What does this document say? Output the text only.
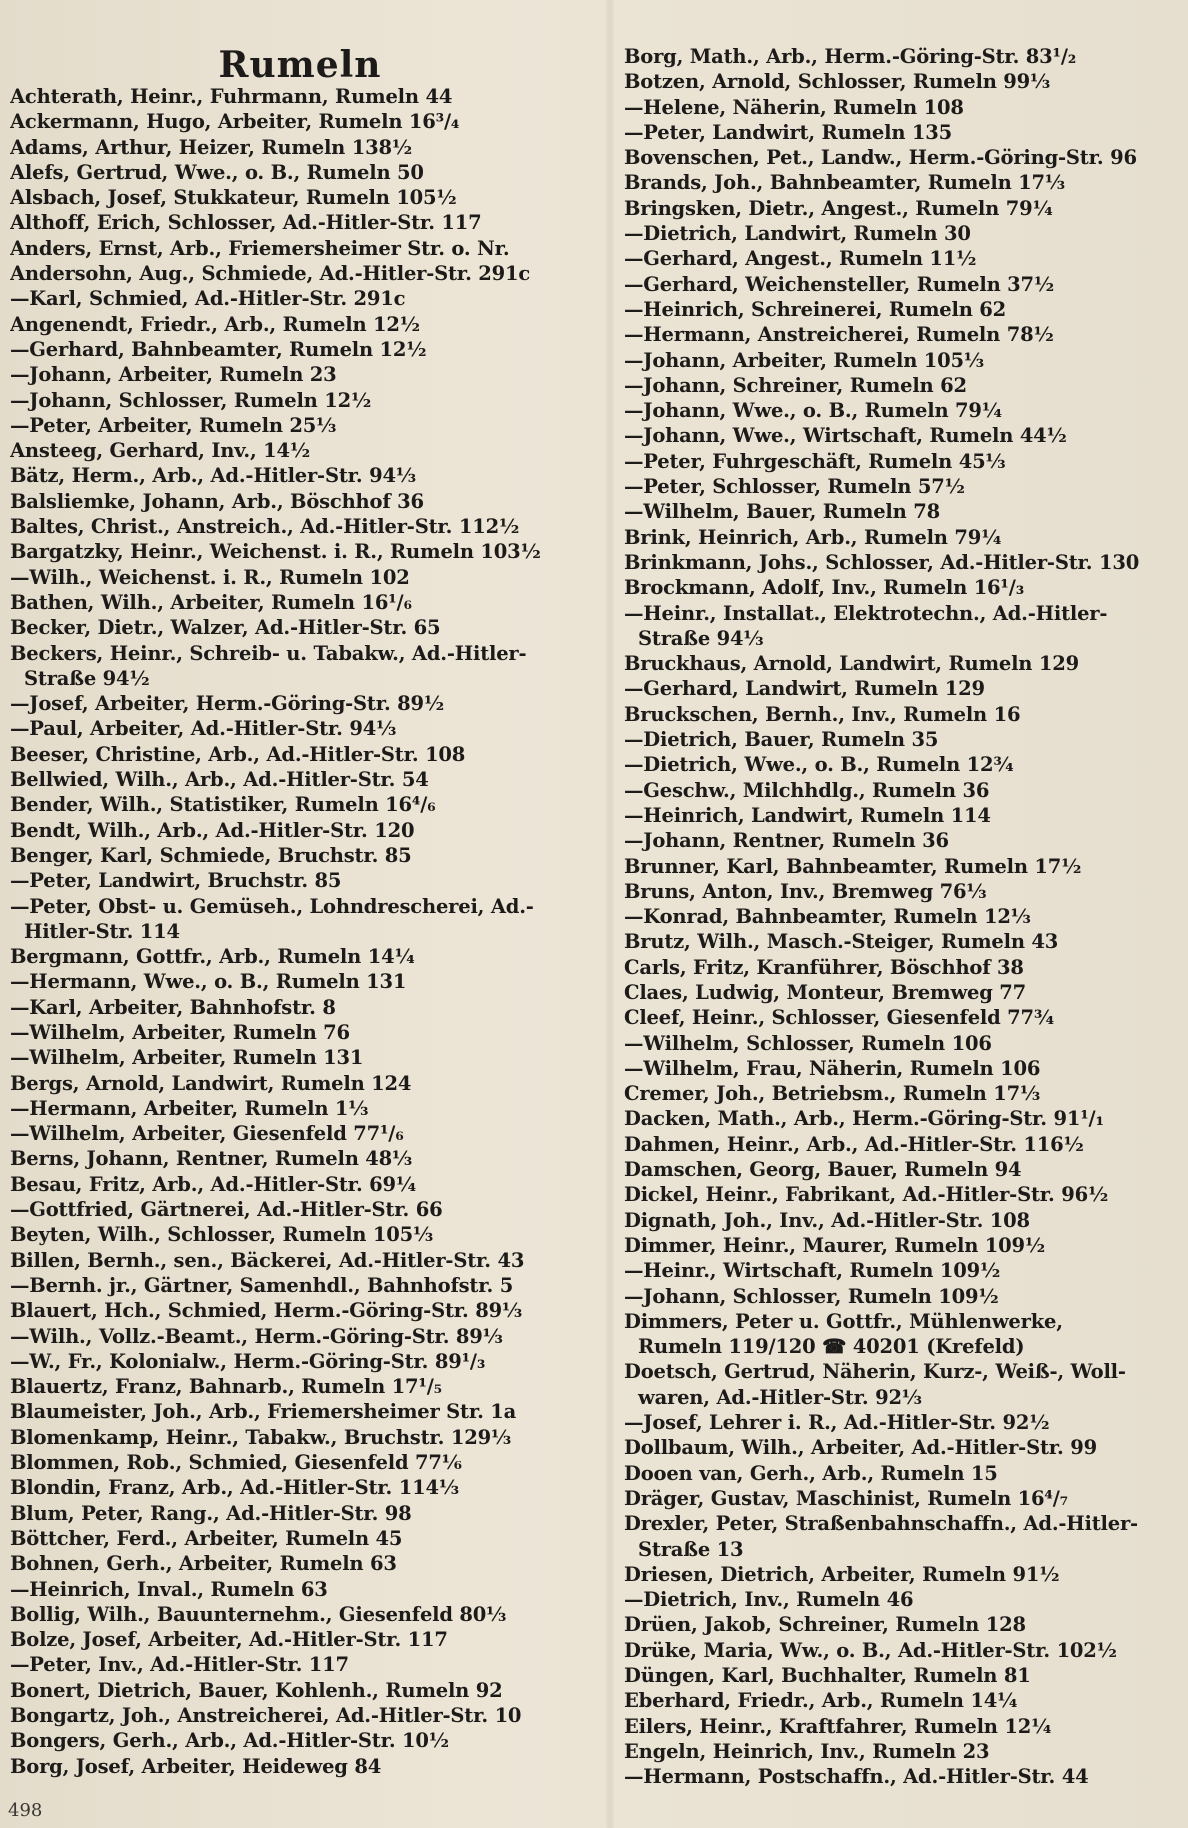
Rumeln
Achterath, Heinr., Fuhrmann, Rumeln 44
Ackermann, Hugo, Arbeiter, Rumeln 16³/₄
Adams, Arthur, Heizer, Rumeln 138½
Alefs, Gertrud, Wwe., o. B., Rumeln 50
Alsbach, Josef, Stukkateur, Rumeln 105½
Althoff, Erich, Schlosser, Ad.-Hitler-Str. 117
Anders, Ernst, Arb., Friemersheimer Str. o. Nr.
Andersohn, Aug., Schmiede, Ad.-Hitler-Str. 291c
—Karl, Schmied, Ad.-Hitler-Str. 291c
Angenendt, Friedr., Arb., Rumeln 12½
—Gerhard, Bahnbeamter, Rumeln 12½
—Johann, Arbeiter, Rumeln 23
—Johann, Schlosser, Rumeln 12½
—Peter, Arbeiter, Rumeln 25⅓
Ansteeg, Gerhard, Inv., 14½
Bätz, Herm., Arb., Ad.-Hitler-Str. 94⅓
Balsliemke, Johann, Arb., Böschhof 36
Baltes, Christ., Anstreich., Ad.-Hitler-Str. 112½
Bargatzky, Heinr., Weichenst. i. R., Rumeln 103½
—Wilh., Weichenst. i. R., Rumeln 102
Bathen, Wilh., Arbeiter, Rumeln 16¹/₆
Becker, Dietr., Walzer, Ad.-Hitler-Str. 65
Beckers, Heinr., Schreib- u. Tabakw., Ad.-Hitler-
Straße 94½
—Josef, Arbeiter, Herm.-Göring-Str. 89½
—Paul, Arbeiter, Ad.-Hitler-Str. 94⅓
Beeser, Christine, Arb., Ad.-Hitler-Str. 108
Bellwied, Wilh., Arb., Ad.-Hitler-Str. 54
Bender, Wilh., Statistiker, Rumeln 16⁴/₆
Bendt, Wilh., Arb., Ad.-Hitler-Str. 120
Benger, Karl, Schmiede, Bruchstr. 85
—Peter, Landwirt, Bruchstr. 85
—Peter, Obst- u. Gemüseh., Lohndrescherei, Ad.-
Hitler-Str. 114
Bergmann, Gottfr., Arb., Rumeln 14¼
—Hermann, Wwe., o. B., Rumeln 131
—Karl, Arbeiter, Bahnhofstr. 8
—Wilhelm, Arbeiter, Rumeln 76
—Wilhelm, Arbeiter, Rumeln 131
Bergs, Arnold, Landwirt, Rumeln 124
—Hermann, Arbeiter, Rumeln 1⅓
—Wilhelm, Arbeiter, Giesenfeld 77¹/₆
Berns, Johann, Rentner, Rumeln 48⅓
Besau, Fritz, Arb., Ad.-Hitler-Str. 69¼
—Gottfried, Gärtnerei, Ad.-Hitler-Str. 66
Beyten, Wilh., Schlosser, Rumeln 105⅓
Billen, Bernh., sen., Bäckerei, Ad.-Hitler-Str. 43
—Bernh. jr., Gärtner, Samenhdl., Bahnhofstr. 5
Blauert, Hch., Schmied, Herm.-Göring-Str. 89⅓
—Wilh., Vollz.-Beamt., Herm.-Göring-Str. 89⅓
—W., Fr., Kolonialw., Herm.-Göring-Str. 89¹/₃
Blauertz, Franz, Bahnarb., Rumeln 17¹/₅
Blaumeister, Joh., Arb., Friemersheimer Str. 1a
Blomenkamp, Heinr., Tabakw., Bruchstr. 129⅓
Blommen, Rob., Schmied, Giesenfeld 77⅙
Blondin, Franz, Arb., Ad.-Hitler-Str. 114⅓
Blum, Peter, Rang., Ad.-Hitler-Str. 98
Böttcher, Ferd., Arbeiter, Rumeln 45
Bohnen, Gerh., Arbeiter, Rumeln 63
—Heinrich, Inval., Rumeln 63
Bollig, Wilh., Bauunternehm., Giesenfeld 80⅓
Bolze, Josef, Arbeiter, Ad.-Hitler-Str. 117
—Peter, Inv., Ad.-Hitler-Str. 117
Bonert, Dietrich, Bauer, Kohlenh., Rumeln 92
Bongartz, Joh., Anstreicherei, Ad.-Hitler-Str. 10
Bongers, Gerh., Arb., Ad.-Hitler-Str. 10½
Borg, Josef, Arbeiter, Heideweg 84
Borg, Math., Arb., Herm.-Göring-Str. 83¹/₂
Botzen, Arnold, Schlosser, Rumeln 99⅓
—Helene, Näherin, Rumeln 108
—Peter, Landwirt, Rumeln 135
Bovenschen, Pet., Landw., Herm.-Göring-Str. 96
Brands, Joh., Bahnbeamter, Rumeln 17⅓
Bringsken, Dietr., Angest., Rumeln 79¼
—Dietrich, Landwirt, Rumeln 30
—Gerhard, Angest., Rumeln 11½
—Gerhard, Weichensteller, Rumeln 37½
—Heinrich, Schreinerei, Rumeln 62
—Hermann, Anstreicherei, Rumeln 78½
—Johann, Arbeiter, Rumeln 105⅓
—Johann, Schreiner, Rumeln 62
—Johann, Wwe., o. B., Rumeln 79¼
—Johann, Wwe., Wirtschaft, Rumeln 44½
—Peter, Fuhrgeschäft, Rumeln 45⅓
—Peter, Schlosser, Rumeln 57½
—Wilhelm, Bauer, Rumeln 78
Brink, Heinrich, Arb., Rumeln 79¼
Brinkmann, Johs., Schlosser, Ad.-Hitler-Str. 130
Brockmann, Adolf, Inv., Rumeln 16¹/₃
—Heinr., Installat., Elektrotechn., Ad.-Hitler-
Straße 94⅓
Bruckhaus, Arnold, Landwirt, Rumeln 129
—Gerhard, Landwirt, Rumeln 129
Bruckschen, Bernh., Inv., Rumeln 16
—Dietrich, Bauer, Rumeln 35
—Dietrich, Wwe., o. B., Rumeln 12¾
—Geschw., Milchhdlg., Rumeln 36
—Heinrich, Landwirt, Rumeln 114
—Johann, Rentner, Rumeln 36
Brunner, Karl, Bahnbeamter, Rumeln 17½
Bruns, Anton, Inv., Bremweg 76⅓
—Konrad, Bahnbeamter, Rumeln 12⅓
Brutz, Wilh., Masch.-Steiger, Rumeln 43
Carls, Fritz, Kranführer, Böschhof 38
Claes, Ludwig, Monteur, Bremweg 77
Cleef, Heinr., Schlosser, Giesenfeld 77¾
—Wilhelm, Schlosser, Rumeln 106
—Wilhelm, Frau, Näherin, Rumeln 106
Cremer, Joh., Betriebsm., Rumeln 17⅓
Dacken, Math., Arb., Herm.-Göring-Str. 91¹/₁
Dahmen, Heinr., Arb., Ad.-Hitler-Str. 116½
Damschen, Georg, Bauer, Rumeln 94
Dickel, Heinr., Fabrikant, Ad.-Hitler-Str. 96½
Dignath, Joh., Inv., Ad.-Hitler-Str. 108
Dimmer, Heinr., Maurer, Rumeln 109½
—Heinr., Wirtschaft, Rumeln 109½
—Johann, Schlosser, Rumeln 109½
Dimmers, Peter u. Gottfr., Mühlenwerke,
Rumeln 119/120 ☎ 40201 (Krefeld)
Doetsch, Gertrud, Näherin, Kurz-, Weiß-, Woll-
waren, Ad.-Hitler-Str. 92⅓
—Josef, Lehrer i. R., Ad.-Hitler-Str. 92½
Dollbaum, Wilh., Arbeiter, Ad.-Hitler-Str. 99
Dooen van, Gerh., Arb., Rumeln 15
Dräger, Gustav, Maschinist, Rumeln 16⁴/₇
Drexler, Peter, Straßenbahnschaffn., Ad.-Hitler-
Straße 13
Driesen, Dietrich, Arbeiter, Rumeln 91½
—Dietrich, Inv., Rumeln 46
Drüen, Jakob, Schreiner, Rumeln 128
Drüke, Maria, Ww., o. B., Ad.-Hitler-Str. 102½
Düngen, Karl, Buchhalter, Rumeln 81
Eberhard, Friedr., Arb., Rumeln 14¼
Eilers, Heinr., Kraftfahrer, Rumeln 12¼
Engeln, Heinrich, Inv., Rumeln 23
—Hermann, Postschaffn., Ad.-Hitler-Str. 44
498
